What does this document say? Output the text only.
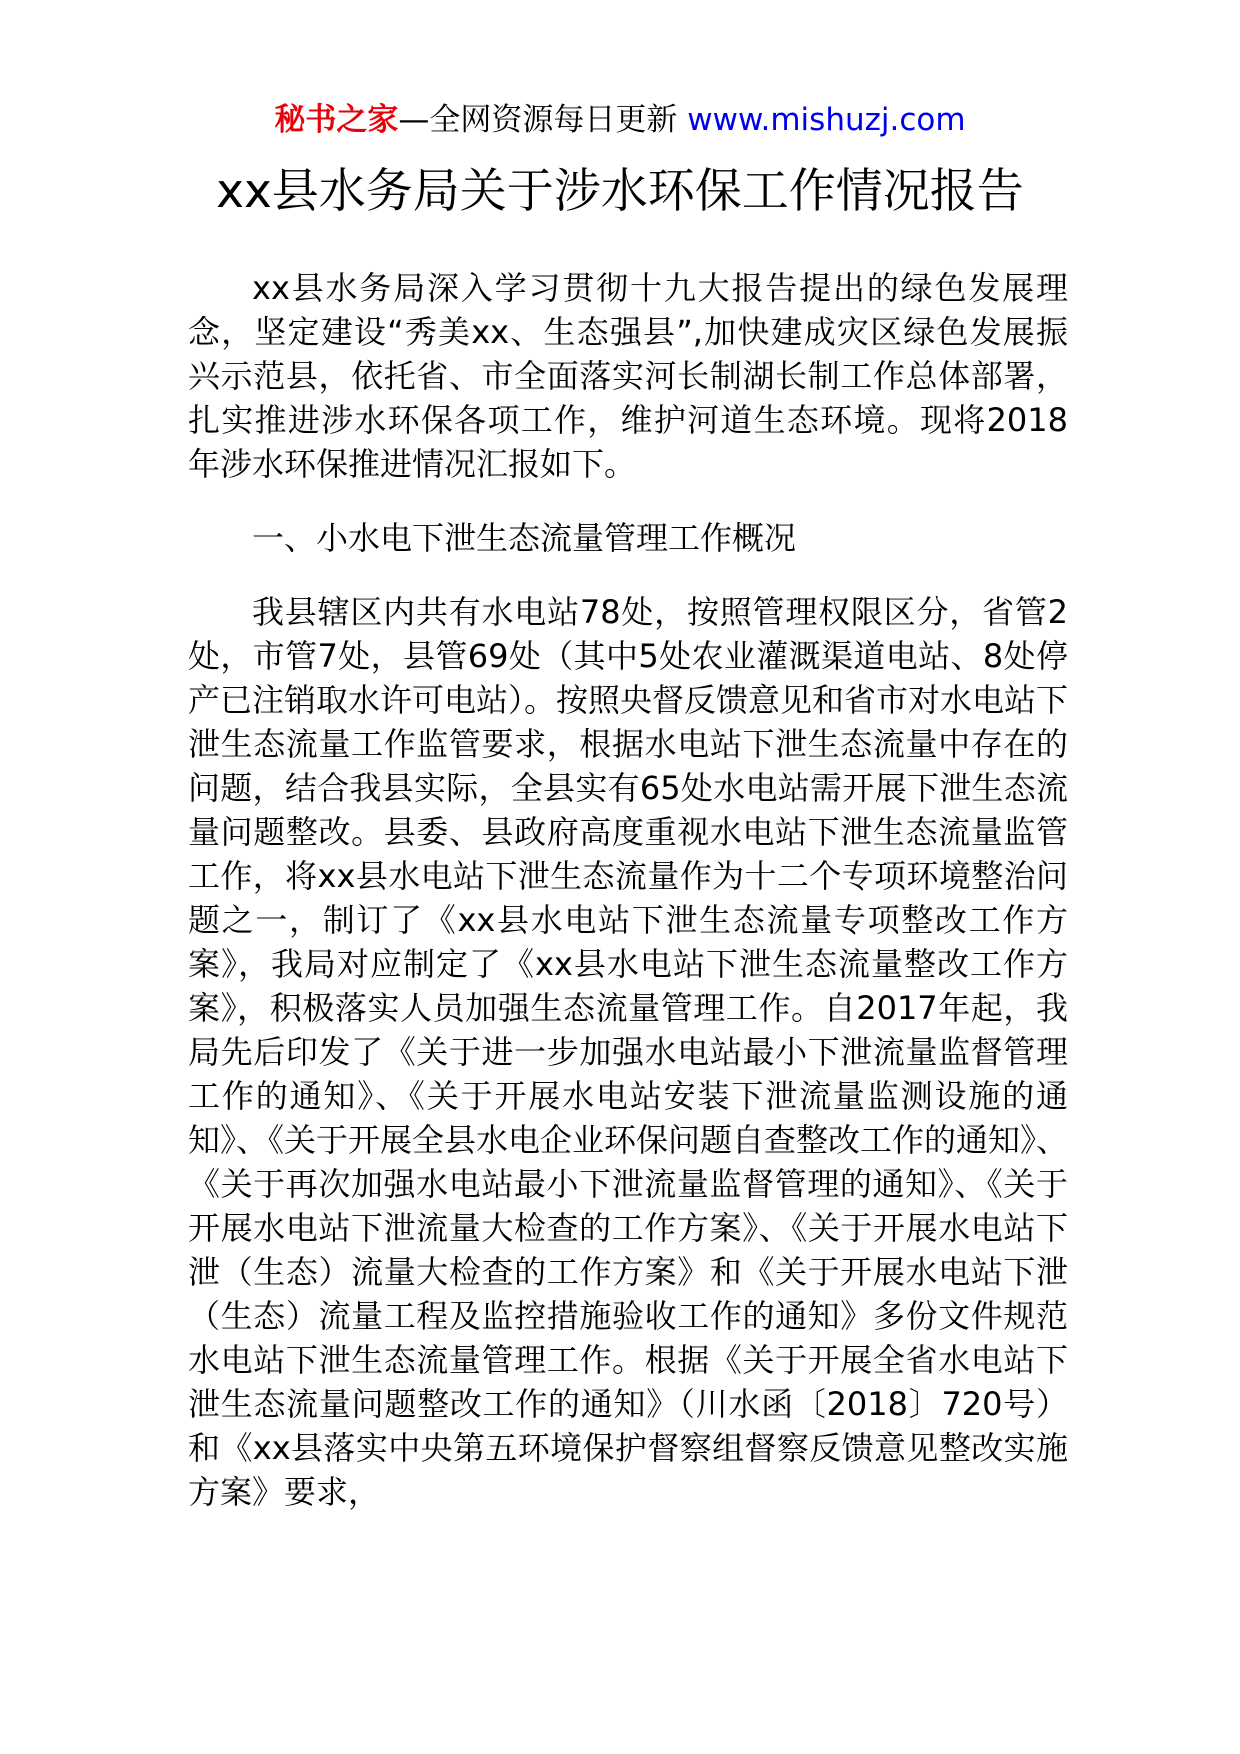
秘书之家—全网资源每日更新 www.mishuzj.com
xx县水务局关于涉水环保工作情况报告

xx县水务局深入学习贯彻十九大报告提出的绿色发展理念，坚定建设“秀美xx、生态强县”,加快建成灾区绿色发展振兴示范县，依托省、市全面落实河长制湖长制工作总体部署，扎实推进涉水环保各项工作，维护河道生态环境。现将2018年涉水环保推进情况汇报如下。

一、小水电下泄生态流量管理工作概况

我县辖区内共有水电站78处，按照管理权限区分，省管2处，市管7处，县管69处（其中5处农业灌溉渠道电站、8处停产已注销取水许可电站）。按照央督反馈意见和省市对水电站下泄生态流量工作监管要求，根据水电站下泄生态流量中存在的问题，结合我县实际，全县实有65处水电站需开展下泄生态流量问题整改。县委、县政府高度重视水电站下泄生态流量监管工作，将xx县水电站下泄生态流量作为十二个专项环境整治问题之一，制订了《xx县水电站下泄生态流量专项整改工作方案》，我局对应制定了《xx县水电站下泄生态流量整改工作方案》，积极落实人员加强生态流量管理工作。自2017年起，我局先后印发了《关于进一步加强水电站最小下泄流量监督管理工作的通知》、《关于开展水电站安装下泄流量监测设施的通知》、《关于开展全县水电企业环保问题自查整改工作的通知》、《关于再次加强水电站最小下泄流量监督管理的通知》、《关于开展水电站下泄流量大检查的工作方案》、《关于开展水电站下泄（生态）流量大检查的工作方案》和《关于开展水电站下泄（生态）流量工程及监控措施验收工作的通知》多份文件规范水电站下泄生态流量管理工作。根据《关于开展全省水电站下泄生态流量问题整改工作的通知》（川水函〔2018〕720号）和《xx县落实中央第五环境保护督察组督察反馈意见整改实施方案》要求，
